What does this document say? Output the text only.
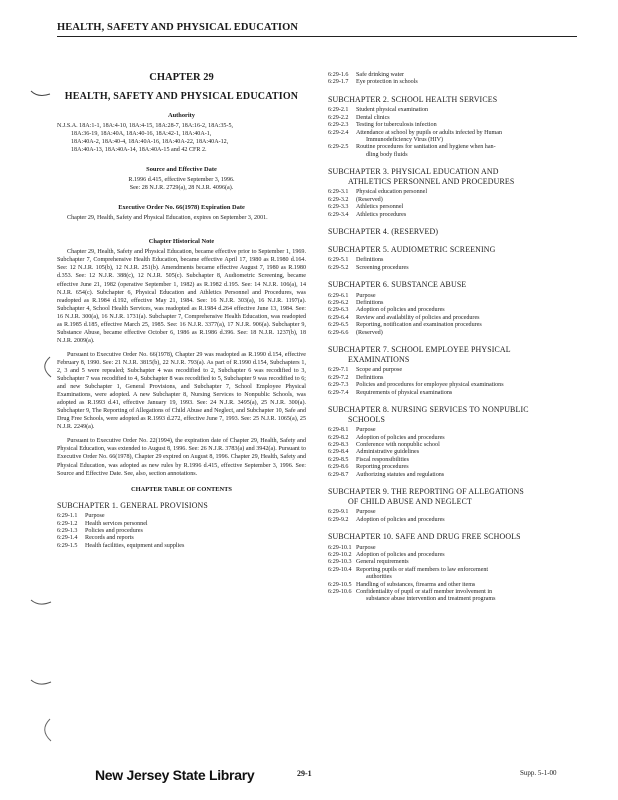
HEALTH, SAFETY AND PHYSICAL EDUCATION
CHAPTER 29
HEALTH, SAFETY AND PHYSICAL EDUCATION
Authority
N.J.S.A. 18A:1-1, 18A:4-10, 18A:4-15, 18A:28-7, 18A:16-2, 18A:35-5,
18A:36-19, 18A:40A, 18A:40-16, 18A:42-1, 18A:40A-1,
18A:40A-2, 18A:40-4, 18A:40A-16, 18A:40A-22, 18A:40A-12,
18A:40A-13, 18A:40A-14, 18A:40A-15 and 42 CFR 2.
Source and Effective Date
R.1996 d.415, effective September 3, 1996.
See: 28 N.J.R. 2729(a), 28 N.J.R. 4096(a).
Executive Order No. 66(1978) Expiration Date
Chapter 29, Health, Safety and Physical Education, expires on September 3, 2001.
Chapter Historical Note
Chapter 29, Health, Safety and Physical Education, became effective prior to September 1, 1969. Subchapter 7, Comprehensive Health Education, became effective April 17, 1980 as R.1980 d.164. See: 12 N.J.R. 105(b), 12 N.J.R. 251(b). Amendments became effective August 7, 1980 as R.1980 d.353. See: 12 N.J.R. 388(c), 12 N.J.R. 505(c). Subchapter 8, Audiometric Screening, became effective June 21, 1982 (operative September 1, 1982) as R.1982 d.195. See: 14 N.J.R. 106(a), 14 N.J.R. 654(c). Subchapter 6, Physical Education and Athletics Personnel and Procedures, was readopted as R.1984 d.192, effective May 21, 1984. See: 16 N.J.R. 303(a), 16 N.J.R. 1197(a). Subchapter 4, School Health Services, was readopted as R.1984 d.264 effective June 13, 1984. See: 16 N.J.R. 300(a), 16 N.J.R. 1731(a). Subchapter 7, Comprehensive Health Education, was readopted as R.1985 d.185, effective March 25, 1985. See: 16 N.J.R. 3377(a), 17 N.J.R. 906(a). Subchapter 9, Substance Abuse, became effective October 6, 1986 as R.1986 d.396. See: 18 N.J.R. 1237(b), 18 N.J.R. 2009(a).
Pursuant to Executive Order No. 66(1978), Chapter 29 was readopted as R.1990 d.154, effective February 8, 1990. See: 21 N.J.R. 3815(b), 22 N.J.R. 793(a). As part of R.1990 d.154, Subchapters 1, 2, 3 and 5 were repealed; Subchapter 4 was recodified to 2, Subchapter 6 was recodified to 3, Subchapter 7 was recodified to 4, Subchapter 8 was recodified to 5, Subchapter 9 was recodified to 6; and new Subchapter 1, General Provisions, and Subchapter 7, School Employee Physical Examinations, were adopted. A new Subchapter 8, Nursing Services to Nonpublic Schools, was adopted as R.1993 d.41, effective January 19, 1993. See: 24 N.J.R. 3495(a), 25 N.J.R. 300(a). Subchapter 9, The Reporting of Allegations of Child Abuse and Neglect, and Subchapter 10, Safe and Drug Free Schools, were adopted as R.1993 d.272, effective June 7, 1993. See: 25 N.J.R. 1065(a), 25 N.J.R. 2249(a).
Pursuant to Executive Order No. 22(1994), the expiration date of Chapter 29, Health, Safety and Physical Education, was extended to August 8, 1996. See: 26 N.J.R. 3783(a) and 3942(a). Pursuant to Executive Order No. 66(1978), Chapter 29 expired on August 8, 1996. Chapter 29, Health, Safety and Physical Education, was adopted as new rules by R.1996 d.415, effective September 3, 1996. See: Source and Effective Date. See, also, section annotations.
CHAPTER TABLE OF CONTENTS
SUBCHAPTER 1. GENERAL PROVISIONS
6:29-1.1	Purpose
6:29-1.2	Health services personnel
6:29-1.3	Policies and procedures
6:29-1.4	Records and reports
6:29-1.5	Health facilities, equipment and supplies
6:29-1.6	Safe drinking water
6:29-1.7	Eye protection in schools
SUBCHAPTER 2. SCHOOL HEALTH SERVICES
6:29-2.1	Student physical examination
6:29-2.2	Dental clinics
6:29-2.3	Testing for tuberculosis infection
6:29-2.4	Attendance at school by pupils or adults infected by Human
Immunodeficiency Virus (HIV)
6:29-2.5	Routine procedures for sanitation and hygiene when han-
dling body fluids
SUBCHAPTER 3. PHYSICAL EDUCATION AND
ATHLETICS PERSONNEL AND PROCEDURES
6:29-3.1	Physical education personnel
6:29-3.2	(Reserved)
6:29-3.3	Athletics personnel
6:29-3.4	Athletics procedures
SUBCHAPTER 4. (RESERVED)
SUBCHAPTER 5. AUDIOMETRIC SCREENING
6:29-5.1	Definitions
6:29-5.2	Screening procedures
SUBCHAPTER 6. SUBSTANCE ABUSE
6:29-6.1	Purpose
6:29-6.2	Definitions
6:29-6.3	Adoption of policies and procedures
6:29-6.4	Review and availability of policies and procedures
6:29-6.5	Reporting, notification and examination procedures
6:29-6.6	(Reserved)
SUBCHAPTER 7. SCHOOL EMPLOYEE PHYSICAL
EXAMINATIONS
6:29-7.1	Scope and purpose
6:29-7.2	Definitions
6:29-7.3	Policies and procedures for employee physical examinations
6:29-7.4	Requirements of physical examinations
SUBCHAPTER 8. NURSING SERVICES TO NONPUBLIC
SCHOOLS
6:29-8.1	Purpose
6:29-8.2	Adoption of policies and procedures
6:29-8.3	Conference with nonpublic school
6:29-8.4	Administrative guidelines
6:29-8.5	Fiscal responsibilities
6:29-8.6	Reporting procedures
6:29-8.7	Authorizing statutes and regulations
SUBCHAPTER 9. THE REPORTING OF ALLEGATIONS
OF CHILD ABUSE AND NEGLECT
6:29-9.1	Purpose
6:29-9.2	Adoption of policies and procedures
SUBCHAPTER 10. SAFE AND DRUG FREE SCHOOLS
6:29-10.1 Purpose
6:29-10.2 Adoption of policies and procedures
6:29-10.3 General requirements
6:29-10.4 Reporting pupils or staff members to law enforcement
authorities
6:29-10.5 Handling of substances, firearms and other items
6:29-10.6 Confidentiality of pupil or staff member involvement in
substance abuse intervention and treatment programs
New Jersey State Library	29-1	Supp. 5-1-00
